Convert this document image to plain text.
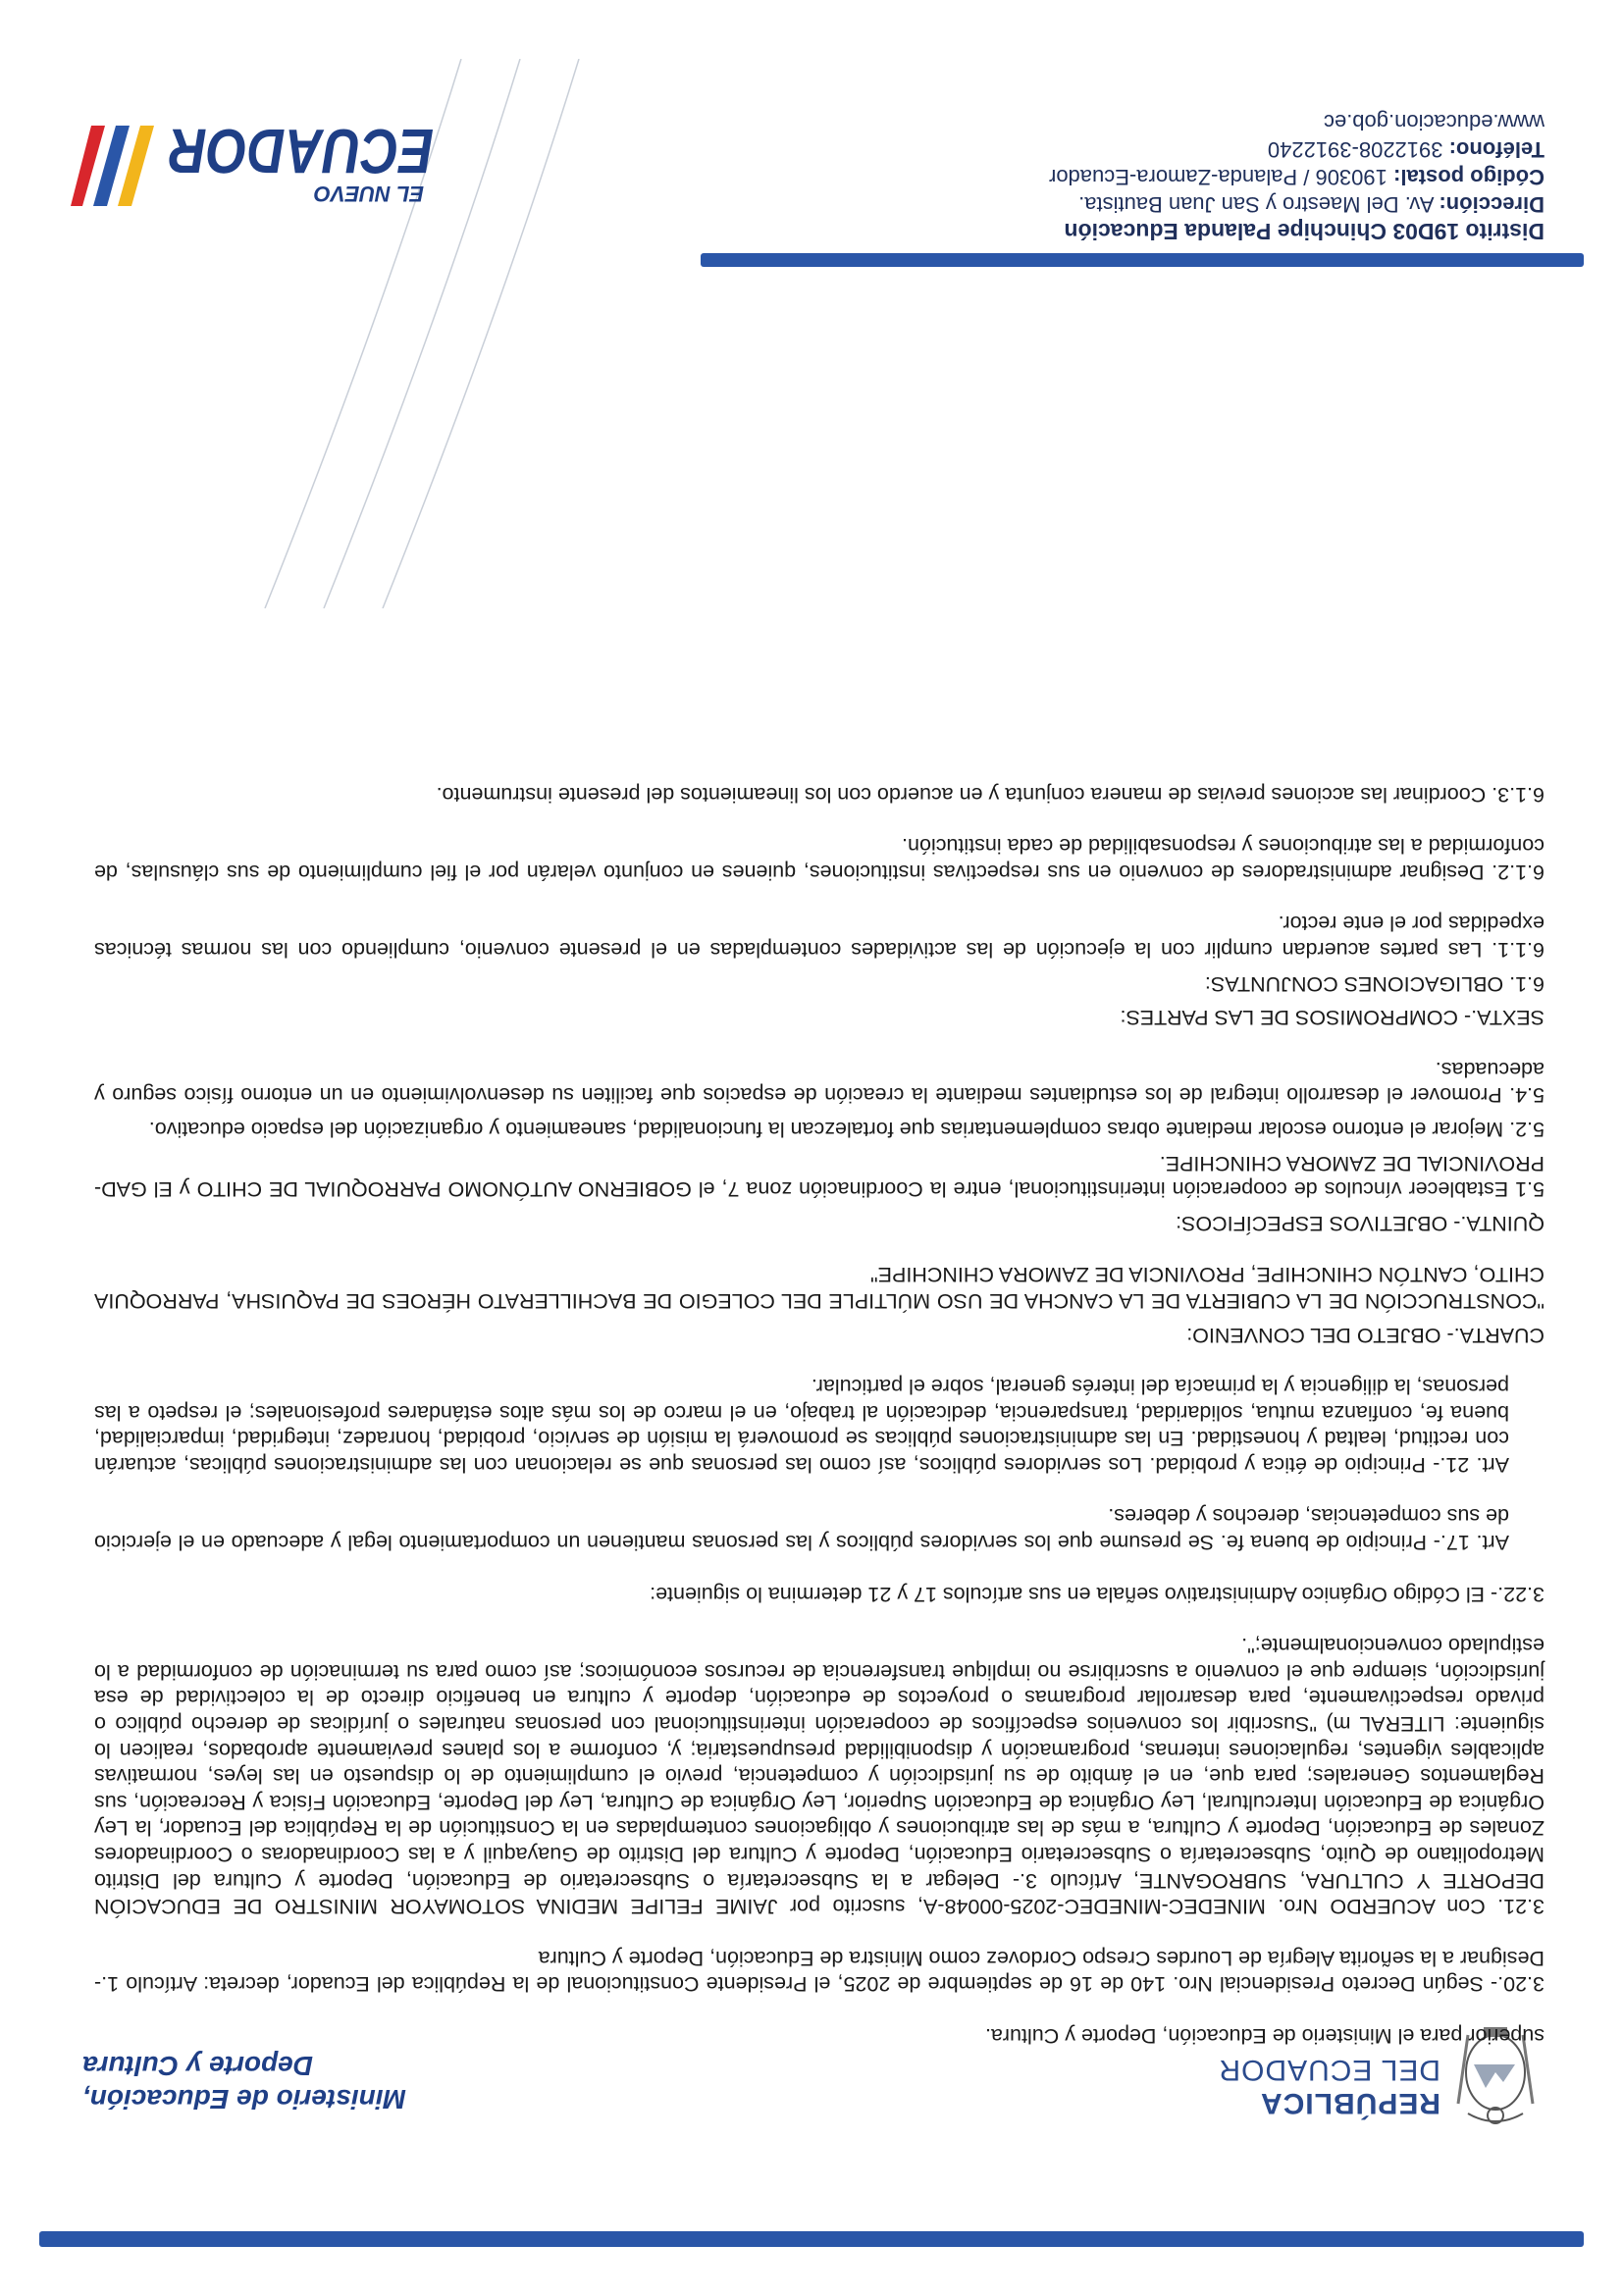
REPÚBLICA
DEL ECUADOR
Ministerio de Educación,
Deporte y Cultura

superior para el Ministerio de Educación, Deporte y Cultura.

3.20.- Según Decreto Presidencial Nro. 140 de 16 de septiembre de 2025, el Presidente Constitucional de la República del Ecuador, decreta: Artículo 1.- Designar a la señorita Alegría de Lourdes Crespo Cordovez como Ministra de Educación, Deporte y Cultura

3.21. Con ACUERDO Nro. MINEDEC-MINEDEC-2025-00048-A, suscrito por JAIME FELIPE MEDINA SOTOMAYOR MINISTRO DE EDUCACIÓN DEPORTE Y CULTURA, SUBROGANTE, Artículo 3.- Delegar a la Subsecretaría o Subsecretario de Educación, Deporte y Cultura del Distrito Metropolitano de Quito, Subsecretaría o Subsecretario Educación, Deporte y Cultura del Distrito de Guayaquil y a las Coordinadoras o Coordinadores Zonales de Educación, Deporte y Cultura, a más de las atribuciones y obligaciones contempladas en la Constitución de la República del Ecuador, la Ley Orgánica de Educación Intercultural, Ley Orgánica de Educación Superior, Ley Orgánica de Cultura, Ley del Deporte, Educación Física y Recreación, sus Reglamentos Generales; para que, en el ámbito de su jurisdicción y competencia, previo el cumplimiento de lo dispuesto en las leyes, normativas aplicables vigentes, regulaciones internas, programación y disponibilidad presupuestaria; y, conforme a los planes previamente aprobados, realicen lo siguiente: LITERAL m) "Suscribir los convenios específicos de cooperación interinstitucional con personas naturales o jurídicas de derecho público o privado respectivamente, para desarrollar programas o proyectos de educación, deporte y cultura en beneficio directo de la colectividad de esa jurisdicción, siempre que el convenio a suscribirse no implique transferencia de recursos económicos; así como para su terminación de conformidad a lo estipulado convencionalmente;".

3.22.- El Código Orgánico Administrativo señala en sus artículos 17 y 21 determina lo siguiente:

Art. 17.- Principio de buena fe. Se presume que los servidores públicos y las personas mantienen un comportamiento legal y adecuado en el ejercicio de sus competencias, derechos y deberes.

Art. 21.- Principio de ética y probidad. Los servidores públicos, así como las personas que se relacionan con las administraciones públicas, actuarán con rectitud, lealtad y honestidad. En las administraciones públicas se promoverá la misión de servicio, probidad, honradez, integridad, imparcialidad, buena fe, confianza mutua, solidaridad, transparencia, dedicación al trabajo, en el marco de los más altos estándares profesionales; el respeto a las personas, la diligencia y la primacía del interés general, sobre el particular.

CUARTA.- OBJETO DEL CONVENIO:

"CONSTRUCCIÓN DE LA CUBIERTA DE LA CANCHA DE USO MÚLTIPLE DEL COLEGIO DE BACHILLERATO HÉROES DE PAQUISHA, PARROQUIA CHITO, CANTÓN CHINCHIPE, PROVINCIA DE ZAMORA CHINCHIPE"

QUINTA.- OBJETIVOS ESPECÍFICOS:

5.1 Establecer vínculos de cooperación interinstitucional, entre la Coordinación zona 7, el GOBIERNO AUTÓNOMO PARROQUIAL DE CHITO y El GAD-PROVINCIAL DE ZAMORA CHINCHIPE.

5.2. Mejorar el entorno escolar mediante obras complementarias que fortalezcan la funcionalidad, saneamiento y organización del espacio educativo.

5.4. Promover el desarrollo integral de los estudiantes mediante la creación de espacios que faciliten su desenvolvimiento en un entorno físico seguro y adecuadas.

SEXTA.- COMPROMISOS DE LAS PARTES:

6.1. OBLIGACIONES CONJUNTAS:

6.1.1. Las partes acuerdan cumplir con la ejecución de las actividades contempladas en el presente convenio, cumpliendo con las normas técnicas expedidas por el ente rector.

6.1.2. Designar administradores de convenio en sus respectivas instituciones, quienes en conjunto velarán por el fiel cumplimiento de sus cláusulas, de conformidad a las atribuciones y responsabilidad de cada institución.

6.1.3. Coordinar las acciones previas de manera conjunta y en acuerdo con los lineamientos del presente instrumento.

Distrito 19D03 Chinchipe Palanda Educación
Dirección: Av. Del Maestro y San Juan Bautista.
Código postal: 190306 / Palanda-Zamora-Ecuador
Teléfono: 3912208-3912240
www.educacion.gob.ec
EL NUEVO
ECUADOR
